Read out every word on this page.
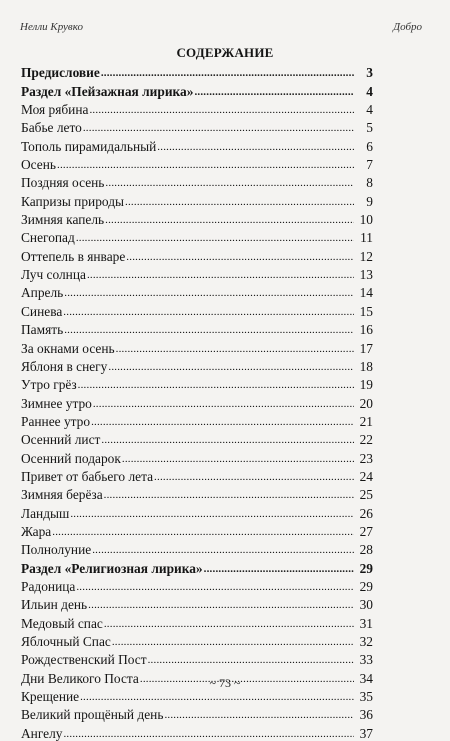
Нелли Крувко	Добро
СОДЕРЖАНИЕ
Предисловие .....	3
Раздел «Пейзажная лирика» .....	4
Моя рябина .....	4
Бабье лето .....	5
Тополь пирамидальный .....	6
Осень .....	7
Поздняя осень .....	8
Капризы природы .....	9
Зимняя капель .....	10
Снегопад .....	11
Оттепель в январе .....	12
Луч солнца .....	13
Апрель .....	14
Синева .....	15
Память .....	16
За окнами осень .....	17
Яблоня в снегу .....	18
Утро грёз .....	19
Зимнее утро .....	20
Раннее утро .....	21
Осенний лист .....	22
Осенний подарок .....	23
Привет от бабьего лета .....	24
Зимняя берёза .....	25
Ландыш .....	26
Жара .....	27
Полнолуние .....	28
Раздел «Религиозная лирика» .....	29
Радоница .....	29
Ильин день .....	30
Медовый спас .....	31
Яблочный Спас .....	32
Рождественский Пост .....	33
Дни Великого Поста .....	34
Крещение .....	35
Великий прощёный день .....	36
Ангелу .....	37
~ 73 ~
